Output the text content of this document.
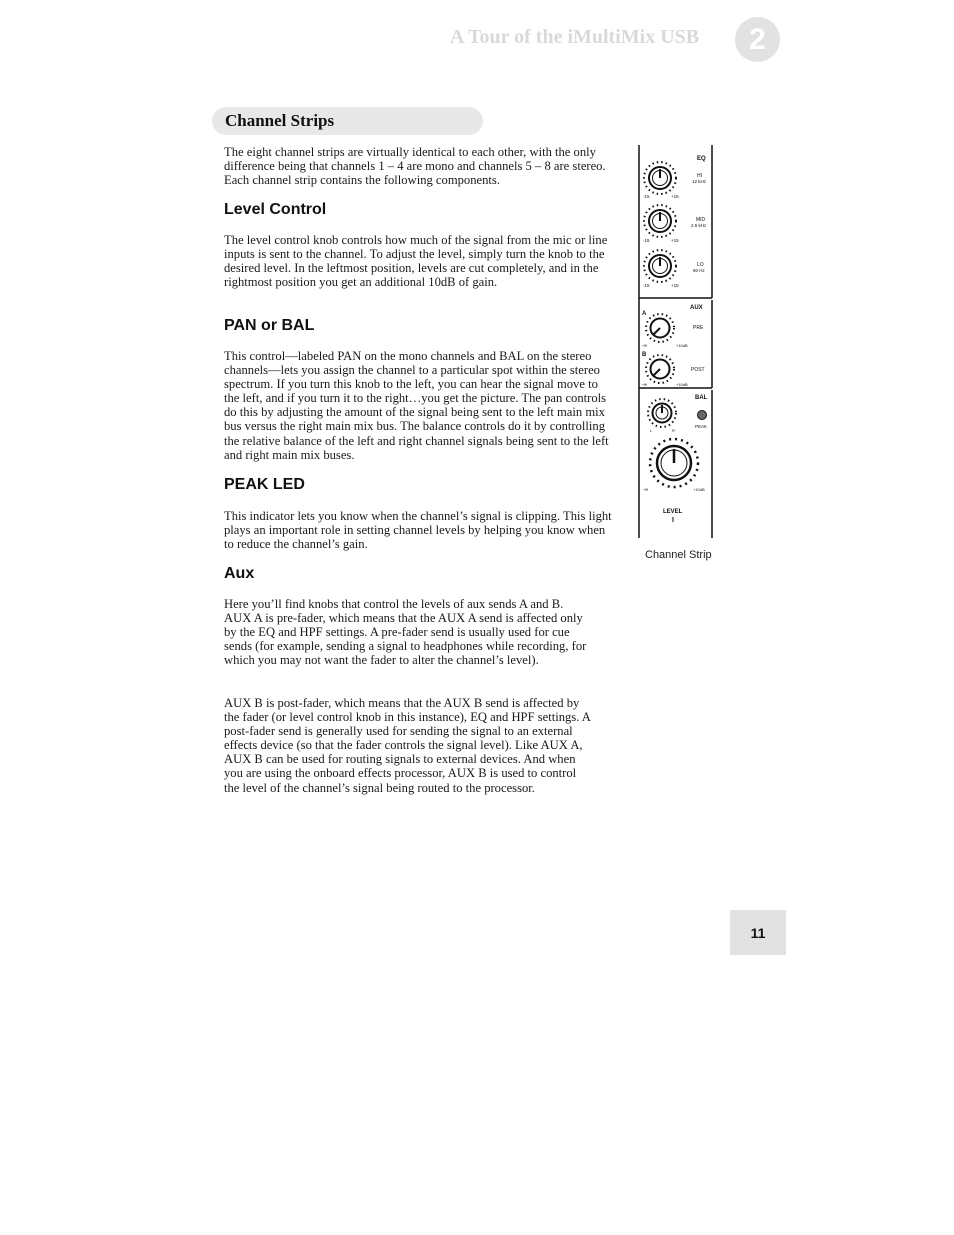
A Tour of the iMultiMix USB	2
Channel Strips

The eight channel strips are virtually identical to each other, with the only difference being that channels 1 – 4 are mono and channels 5 – 8 are stereo. Each channel strip contains the following components.

Level Control

The level control knob controls how much of the signal from the mic or line inputs is sent to the channel. To adjust the level, simply turn the knob to the desired level. In the leftmost position, levels are cut completely, and in the rightmost position you get an additional 10dB of gain.

PAN or BAL

This control—labeled PAN on the mono channels and BAL on the stereo channels—lets you assign the channel to a particular spot within the stereo spectrum. If you turn this knob to the left, you can hear the signal move to the left, and if you turn it to the right…you get the picture. The pan controls do this by adjusting the amount of the signal being sent to the left main mix bus versus the right main mix bus. The balance controls do it by controlling the relative balance of the left and right channel signals being sent to the left and right main mix buses.

PEAK LED

This indicator lets you know when the channel’s signal is clipping. This light plays an important role in setting channel levels by helping you know when to reduce the channel’s gain.

Aux

Here you’ll find knobs that control the levels of aux sends A and B. AUX A is pre-fader, which means that the AUX A send is affected only by the EQ and HPF settings. A pre-fader send is usually used for cue sends (for example, sending a signal to headphones while recording, for which you may not want the fader to alter the channel’s level).

AUX B is post-fader, which means that the AUX B send is affected by the fader (or level control knob in this instance), EQ and HPF settings. A post-fader send is generally used for sending the signal to an external effects device (so that the fader controls the signal level). Like AUX A, AUX B can be used for routing signals to external devices. And when you are using the onboard effects processor, AUX B is used to control the level of the channel’s signal being routed to the processor.

EQ
HI
12 kHz
-15	+15
MID
2.5 kHz
-15	+15
LO
80 Hz
-15	+15
AUX
A
PRE
-∞	+10dB
B
POST
-∞	+10dB
BAL
L	R
PEAK
-∞	+10dB
LEVEL
I
Channel Strip
11
